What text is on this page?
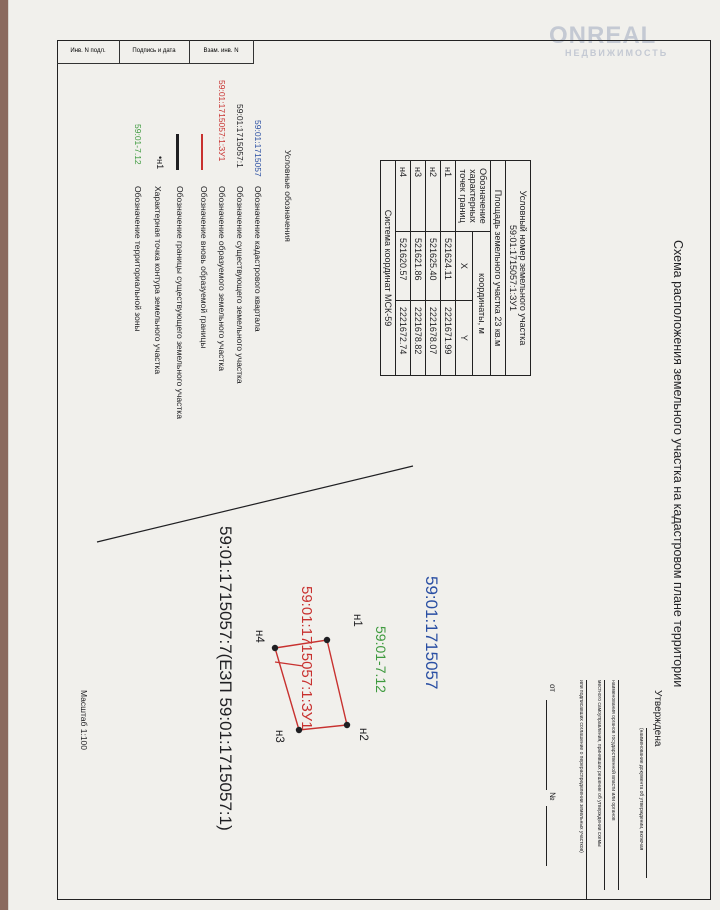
ONREAL
НЕДВИЖИМОСТЬ
Инв. N подл.	Подпись и дата	Взам. инв. N
Схема расположения земельного участка на кадастровом плане территории
Утверждена
(наименование документа об утверждении, включая
наименования органов государственной власти или органов
местного самоуправления, принявших решение об утверждении схемы
или подписавших соглашение о перераспределении земельных участков)
от
№
Условный номер земельного участка
59:01:1715057:1:ЗУ1		

Площадь земельного участка 23 кв.м		
Обозначение характерных точек границ	координаты, м	
	X	Y
н1	521624.11	2221671.99
н2	521625.40	2221678.07
н3	521621.86	2221678.82
н4	521620.57	2221672.74
Система координат МСК-59		
Условные обозначения
59:01:1715057
Обозначение кадастрового квартала
59:01:1715057:1
Обозначение существующего земельного участка
59:01:1715057:1:ЗУ1
Обозначение образуемого земельного участка
Обозначение вновь образуемой границы
Обозначение границы существующего земельного участка
•н1
Характерная точка контура земельного участка
59:01-7.12
Обозначение территориальной зоны
59:01:1715057
59:01-7.12
59:01:1715057:1:ЗУ1
59:01:1715057:7(ЕЗП 59:01:1715057:1)	н1
н2
н3
н4
Масштаб 1:100
